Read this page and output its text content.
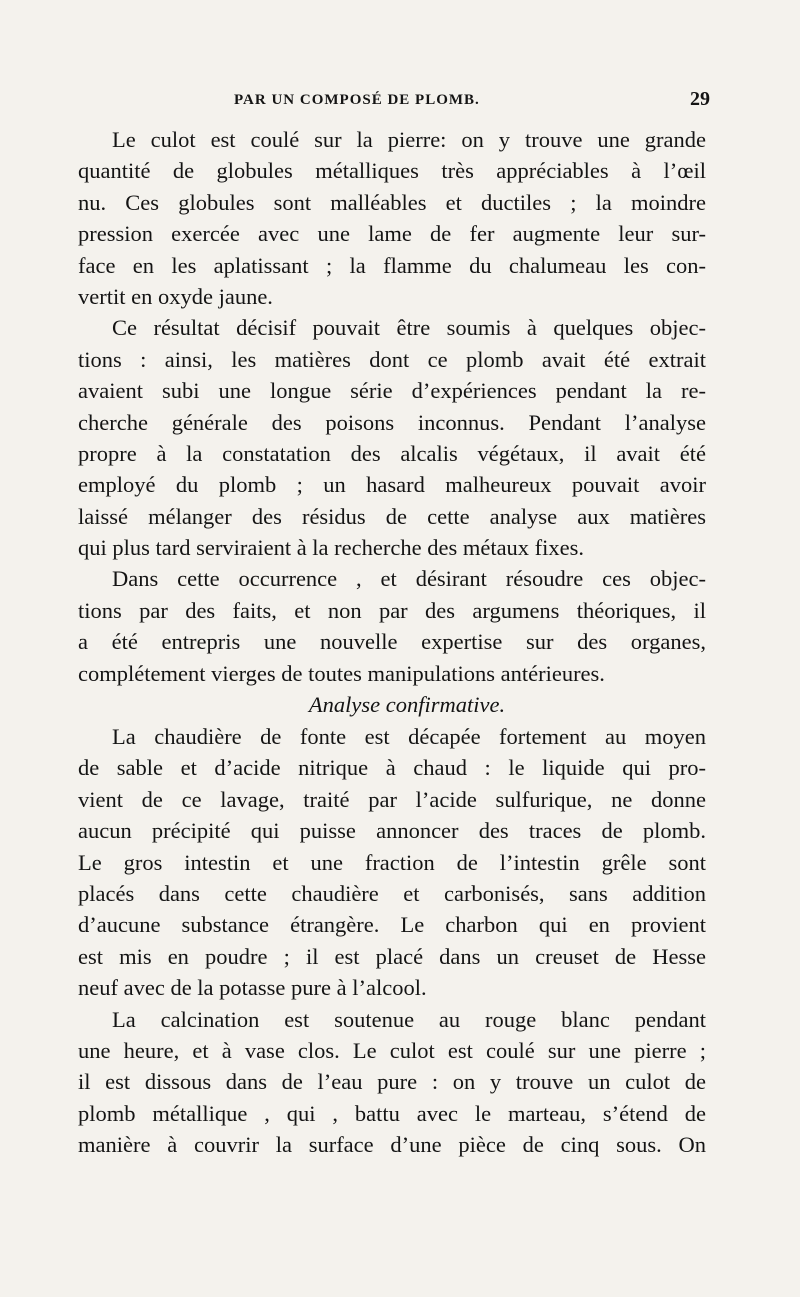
PAR UN COMPOSÉ DE PLOMB.	29

Le culot est coulé sur la pierre: on y trouve une grande
quantité de globules métalliques très appréciables à l’œil
nu. Ces globules sont malléables et ductiles ; la moindre
pression exercée avec une lame de fer augmente leur sur-
face en les aplatissant ; la flamme du chalumeau les con-
vertit en oxyde jaune.

Ce résultat décisif pouvait être soumis à quelques objec-
tions : ainsi, les matières dont ce plomb avait été extrait
avaient subi une longue série d’expériences pendant la re-
cherche générale des poisons inconnus. Pendant l’analyse
propre à la constatation des alcalis végétaux, il avait été
employé du plomb ; un hasard malheureux pouvait avoir
laissé mélanger des résidus de cette analyse aux matières
qui plus tard serviraient à la recherche des métaux fixes.

Dans cette occurrence , et désirant résoudre ces objec-
tions par des faits, et non par des argumens théoriques, il
a été entrepris une nouvelle expertise sur des organes,
complétement vierges de toutes manipulations antérieures.

Analyse confirmative.

La chaudière de fonte est décapée fortement au moyen
de sable et d’acide nitrique à chaud : le liquide qui pro-
vient de ce lavage, traité par l’acide sulfurique, ne donne
aucun précipité qui puisse annoncer des traces de plomb.
Le gros intestin et une fraction de l’intestin grêle sont
placés dans cette chaudière et carbonisés, sans addition
d’aucune substance étrangère. Le charbon qui en provient
est mis en poudre ; il est placé dans un creuset de Hesse
neuf avec de la potasse pure à l’alcool.

La calcination est soutenue au rouge blanc pendant
une heure, et à vase clos. Le culot est coulé sur une pierre ;
il est dissous dans de l’eau pure : on y trouve un culot de
plomb métallique , qui , battu avec le marteau, s’étend de
manière à couvrir la surface d’une pièce de cinq sous. On
